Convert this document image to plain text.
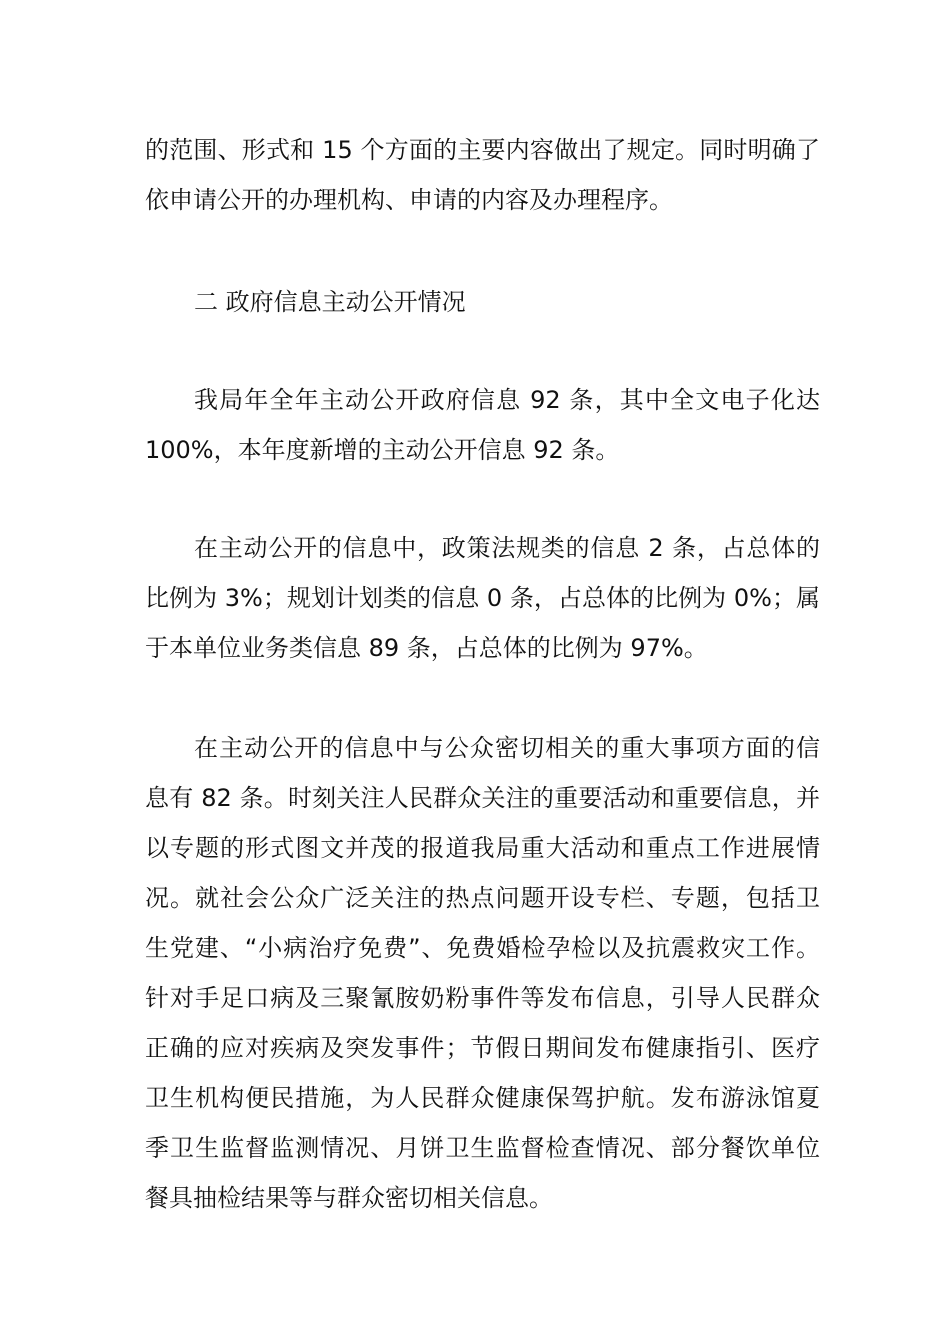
的范围、形式和 15 个方面的主要内容做出了规定。同时明确了
依申请公开的办理机构、申请的内容及办理程序。
二 政府信息主动公开情况
我局年全年主动公开政府信息 92 条，其中全文电子化达
100%，本年度新增的主动公开信息 92 条。
在主动公开的信息中，政策法规类的信息 2 条，占总体的
比例为 3%；规划计划类的信息 0 条，占总体的比例为 0%；属
于本单位业务类信息 89 条，占总体的比例为 97%。
在主动公开的信息中与公众密切相关的重大事项方面的信
息有 82 条。时刻关注人民群众关注的重要活动和重要信息，并
以专题的形式图文并茂的报道我局重大活动和重点工作进展情
况。就社会公众广泛关注的热点问题开设专栏、专题，包括卫
生党建、“小病治疗免费”、免费婚检孕检以及抗震救灾工作。
针对手足口病及三聚氰胺奶粉事件等发布信息，引导人民群众
正确的应对疾病及突发事件；节假日期间发布健康指引、医疗
卫生机构便民措施，为人民群众健康保驾护航。发布游泳馆夏
季卫生监督监测情况、月饼卫生监督检查情况、部分餐饮单位
餐具抽检结果等与群众密切相关信息。
